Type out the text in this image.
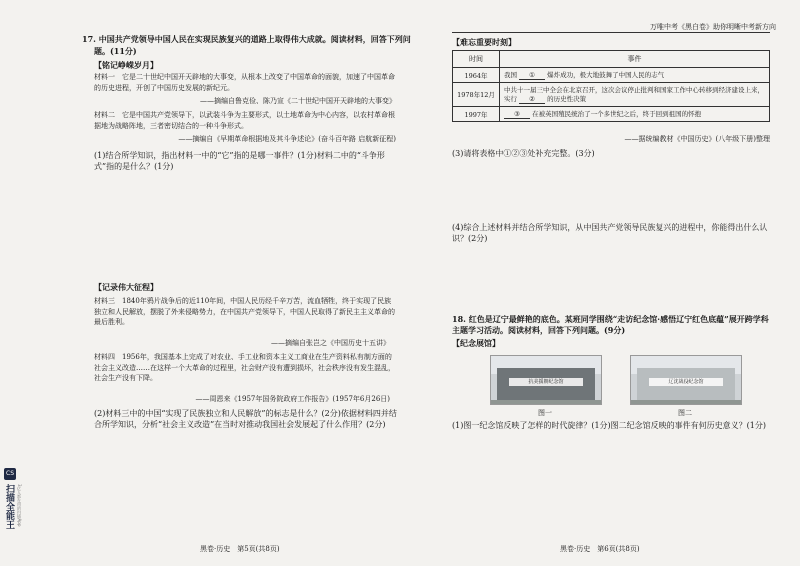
17. 中国共产党领导中国人民在实现民族复兴的道路上取得伟大成就。阅读材料，回答下列问
题。(11分)
【铭记峥嵘岁月】
材料一　它是二十世纪中国开天辟地的大事变，从根本上改变了中国革命的面貌，加速了中国革命的历史进程，开创了中国历史发展的新纪元。
——摘编自鲁克俭、陈乃宣《二十世纪中国开天辟地的大事变》
材料二　它是中国共产党领导下，以武装斗争为主要形式，以土地革命为中心内容，以农村革命根据地为战略阵地，三者密切结合的一种斗争形式。
——摘编自《早期革命根据地及其斗争述论》(奋斗百年路 启航新征程)
(1)结合所学知识，指出材料一中的“它”指的是哪一事件？(1分)材料二中的“斗争形式”指的是什么？(1分)
【记录伟大征程】
材料三　1840年鸦片战争后的近110年间，中国人民历经千辛万苦，流血牺牲，终于实现了民族独立和人民解放，摆脱了外来侵略势力，在中国共产党领导下，中国人民取得了新民主主义革命的最后胜利。
——摘编自张岂之《中国历史十五讲》
材料四　1956年，我国基本上完成了对农业、手工业和资本主义工商业在生产资料私有制方面的社会主义改造……在这样一个大革命的过程里，社会财产没有遭到损坏，社会秩序没有发生混乱，社会生产没有下降。
——周恩来《1957年国务院政府工作报告》(1957年6月26日)
(2)材料三中的中国“实现了民族独立和人民解放”的标志是什么？(2分)依据材料四并结合所学知识，分析“社会主义改造”在当时对推动我国社会发展起了什么作用？(2分)
黑卷·历史　第5页(共8页)
万唯中考《黑白卷》助你明晰中考新方向
【难忘重要时刻】
时间	事件
1964年	我国 ① 爆炸成功，极大地鼓舞了中国人民的志气
1978年12月	中共十一届三中全会在北京召开，这次会议停止批判和国家工作中心转移到经济建设上来，实行 ② 的历史性决策
1997年	③ 在被英国殖民统治了一个多世纪之后，终于回到祖国的怀抱
——据统编教材《中国历史》(八年级下册)整理
(3)请将表格中①②③处补充完整。(3分)
(4)综合上述材料并结合所学知识，从中国共产党领导民族复兴的进程中，你能得出什么认识？(2分)
18. 红色是辽宁最鲜艳的底色。某班同学围绕“走访纪念馆·感悟辽宁红色底蕴”展开跨学科主题学习活动。阅读材料，回答下列问题。(9分)
【纪念展馆】
抗美援朝纪念馆	辽沈战役纪念馆
图一	图二
(1)图一纪念馆反映了怎样的时代旋律？(1分)图二纪念馆反映的事件有何历史意义？(1分)
黑卷·历史　第6页(共8页)
CS
扫描全能王 3亿人都在用的扫描App
